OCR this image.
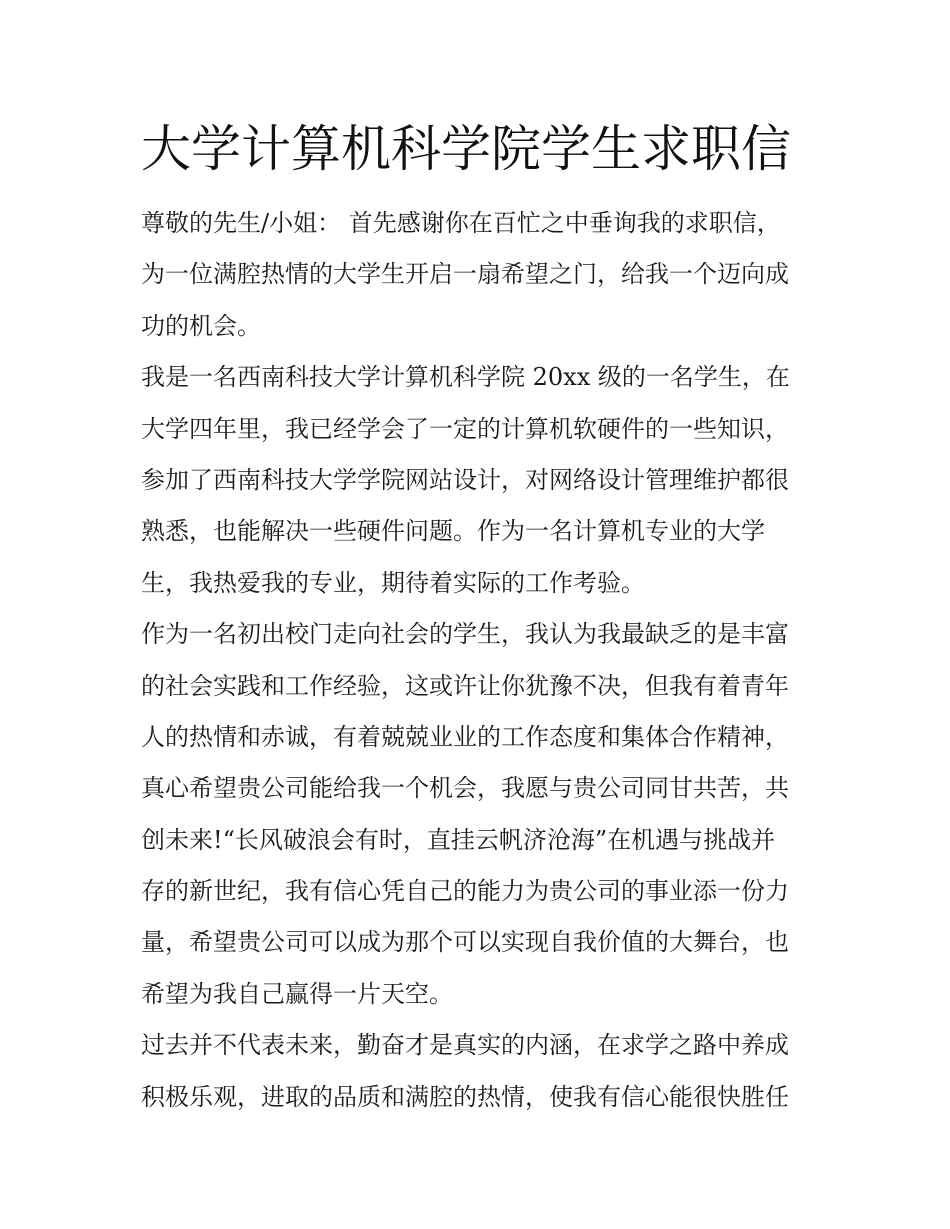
大学计算机科学院学生求职信
尊敬的先生/小姐： 首先感谢你在百忙之中垂询我的求职信，
为一位满腔热情的大学生开启一扇希望之门，给我一个迈向成
功的机会。
我是一名西南科技大学计算机科学院 20xx 级的一名学生，在
大学四年里，我已经学会了一定的计算机软硬件的一些知识，
参加了西南科技大学学院网站设计，对网络设计管理维护都很
熟悉，也能解决一些硬件问题。作为一名计算机专业的大学
生，我热爱我的专业，期待着实际的工作考验。
作为一名初出校门走向社会的学生，我认为我最缺乏的是丰富
的社会实践和工作经验，这或许让你犹豫不决，但我有着青年
人的热情和赤诚，有着兢兢业业的工作态度和集体合作精神，
真心希望贵公司能给我一个机会，我愿与贵公司同甘共苦，共
创未来!“长风破浪会有时，直挂云帆济沧海”在机遇与挑战并
存的新世纪，我有信心凭自己的能力为贵公司的事业添一份力
量，希望贵公司可以成为那个可以实现自我价值的大舞台，也
希望为我自己赢得一片天空。
过去并不代表未来，勤奋才是真实的内涵，在求学之路中养成
积极乐观，进取的品质和满腔的热情，使我有信心能很快胜任
